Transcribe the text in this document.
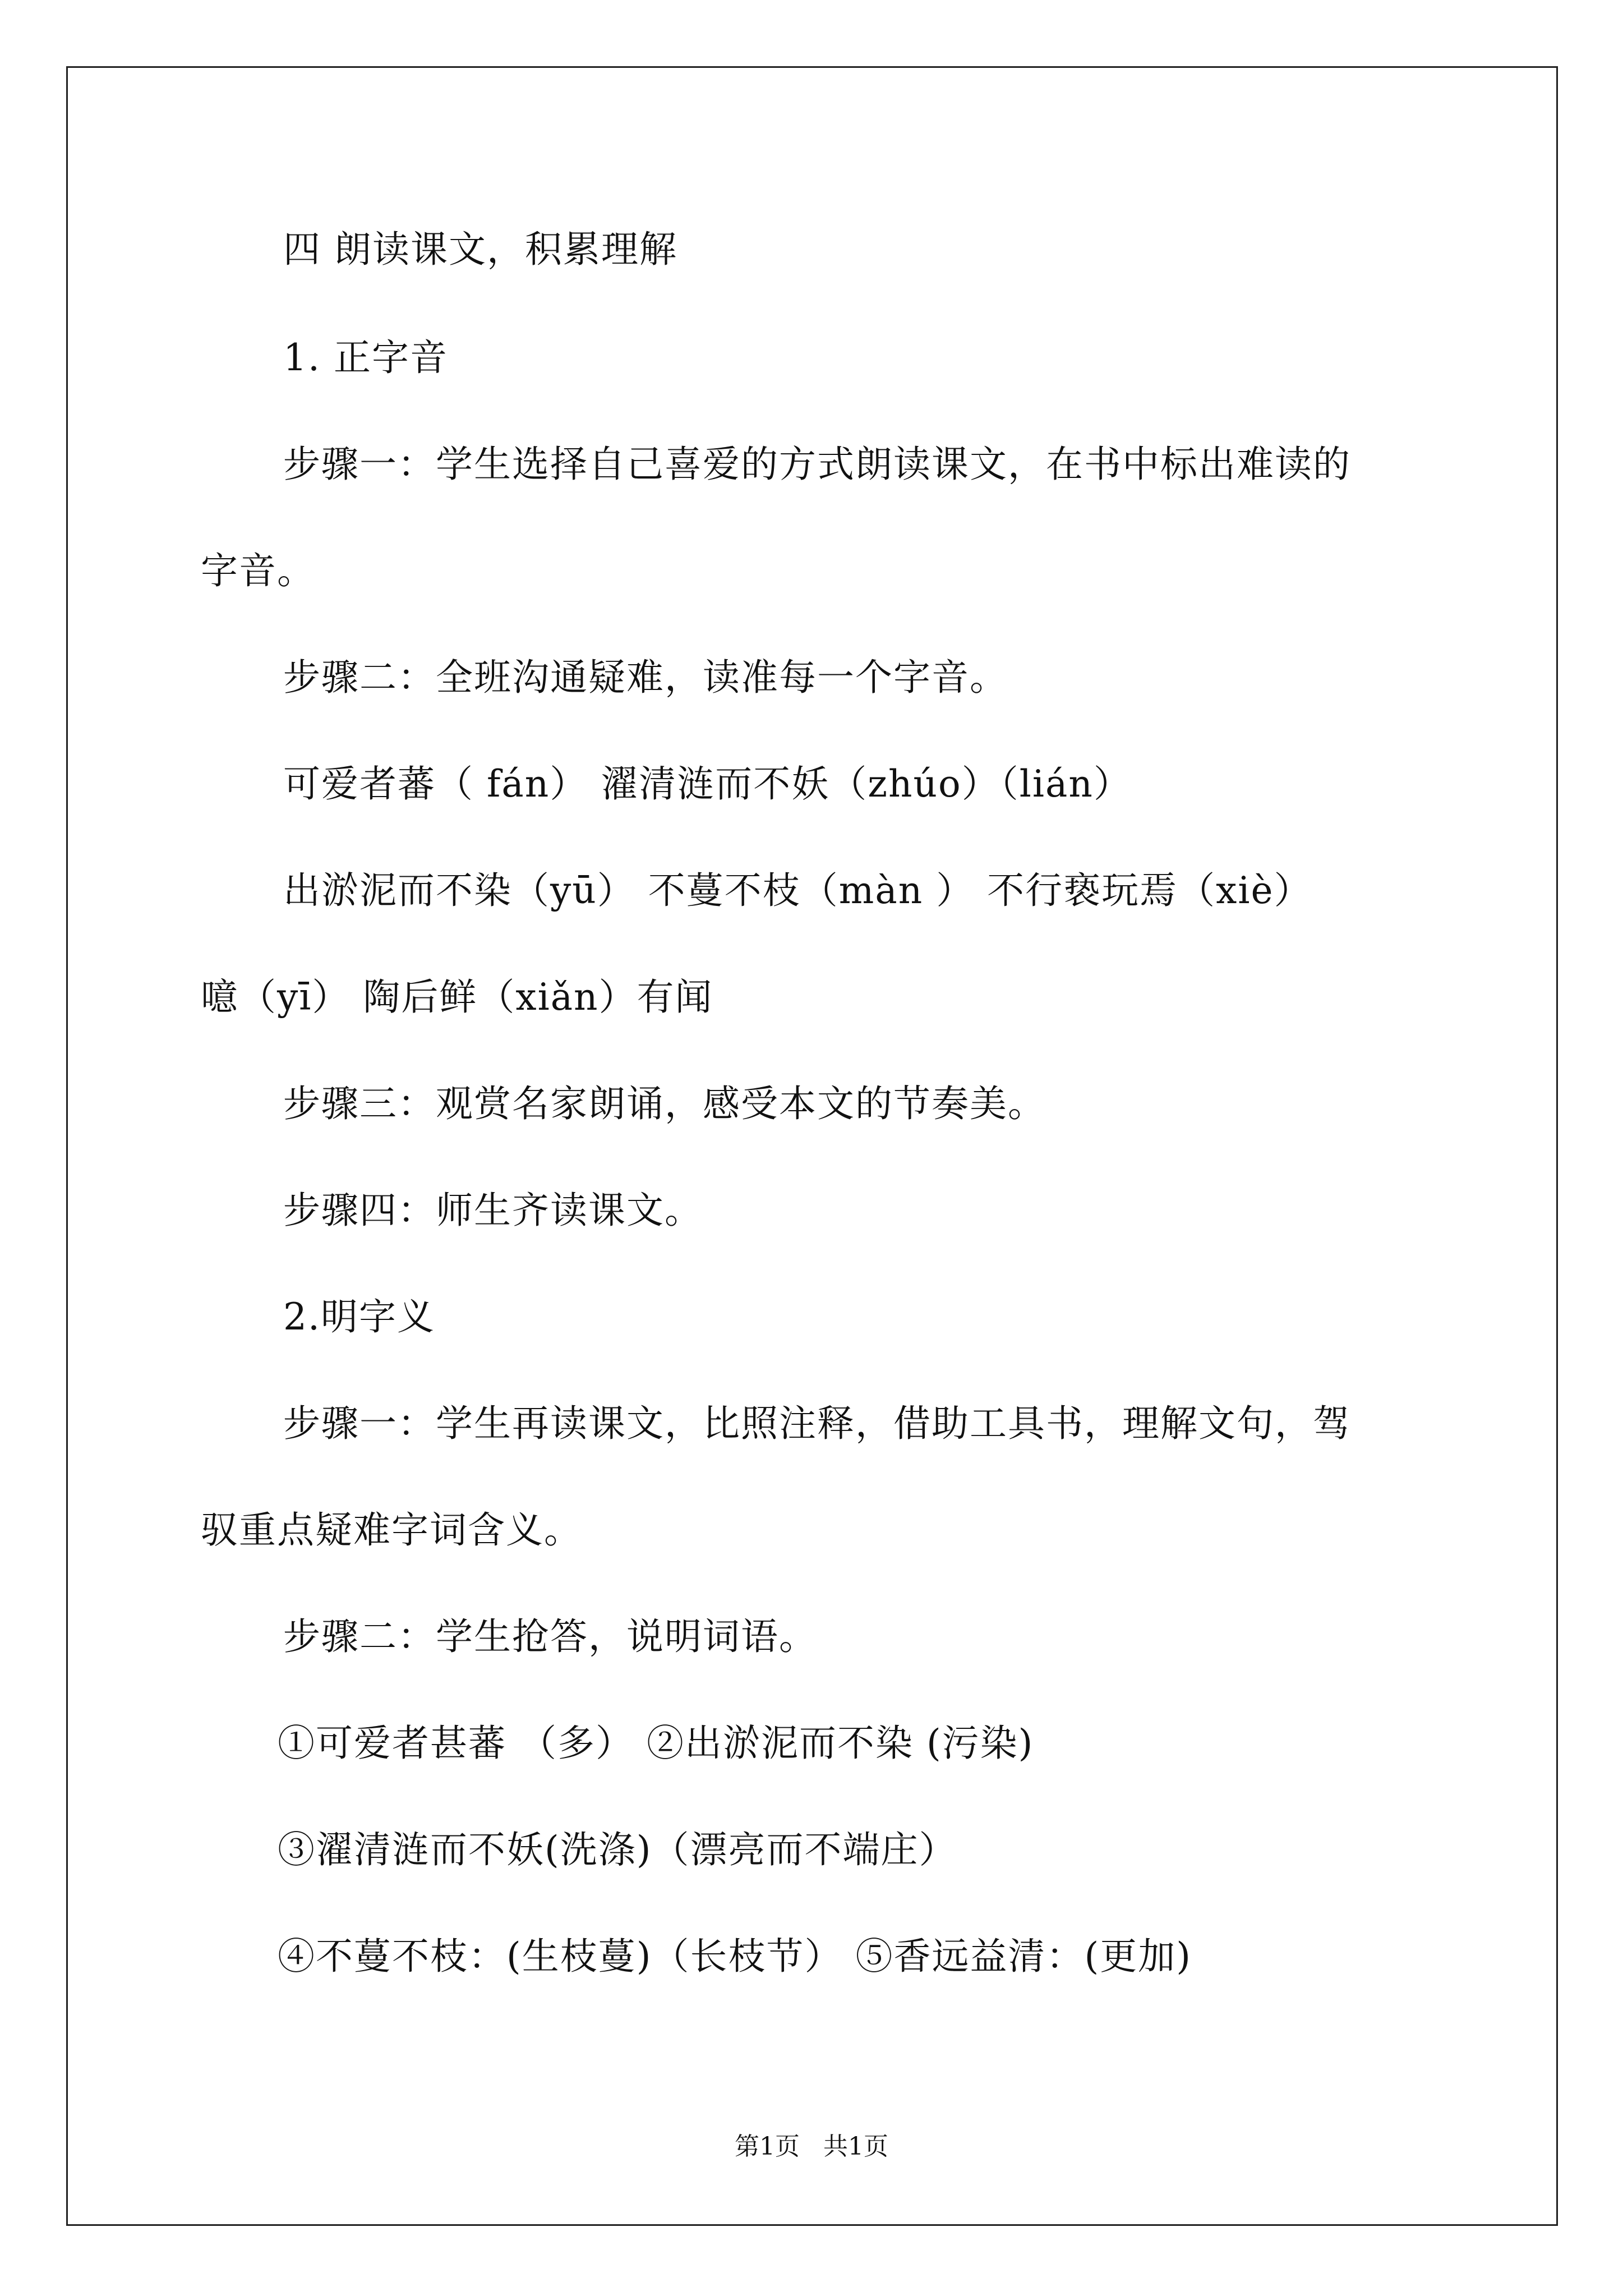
四 朗读课文，积累理解
1. 正字音
步骤一：学生选择自己喜爱的方式朗读课文，在书中标出难读的
字音。
步骤二：全班沟通疑难，读准每一个字音。
可爱者蕃（ fán） 濯清涟而不妖（zhúo）（lián）
出淤泥而不染（yū） 不蔓不枝（màn ） 不行亵玩焉（xiè）
噫（yī） 陶后鲜（xiǎn）有闻
步骤三：观赏名家朗诵，感受本文的节奏美。
步骤四：师生齐读课文。
2.明字义
步骤一：学生再读课文，比照注释，借助工具书，理解文句，驾
驭重点疑难字词含义。
步骤二：学生抢答，说明词语。
①可爱者甚蕃 （多） ②出淤泥而不染 (污染)
③濯清涟而不妖(洗涤)（漂亮而不端庄）
④不蔓不枝：(生枝蔓)（长枝节） ⑤香远益清：(更加)
第1页   共1页
